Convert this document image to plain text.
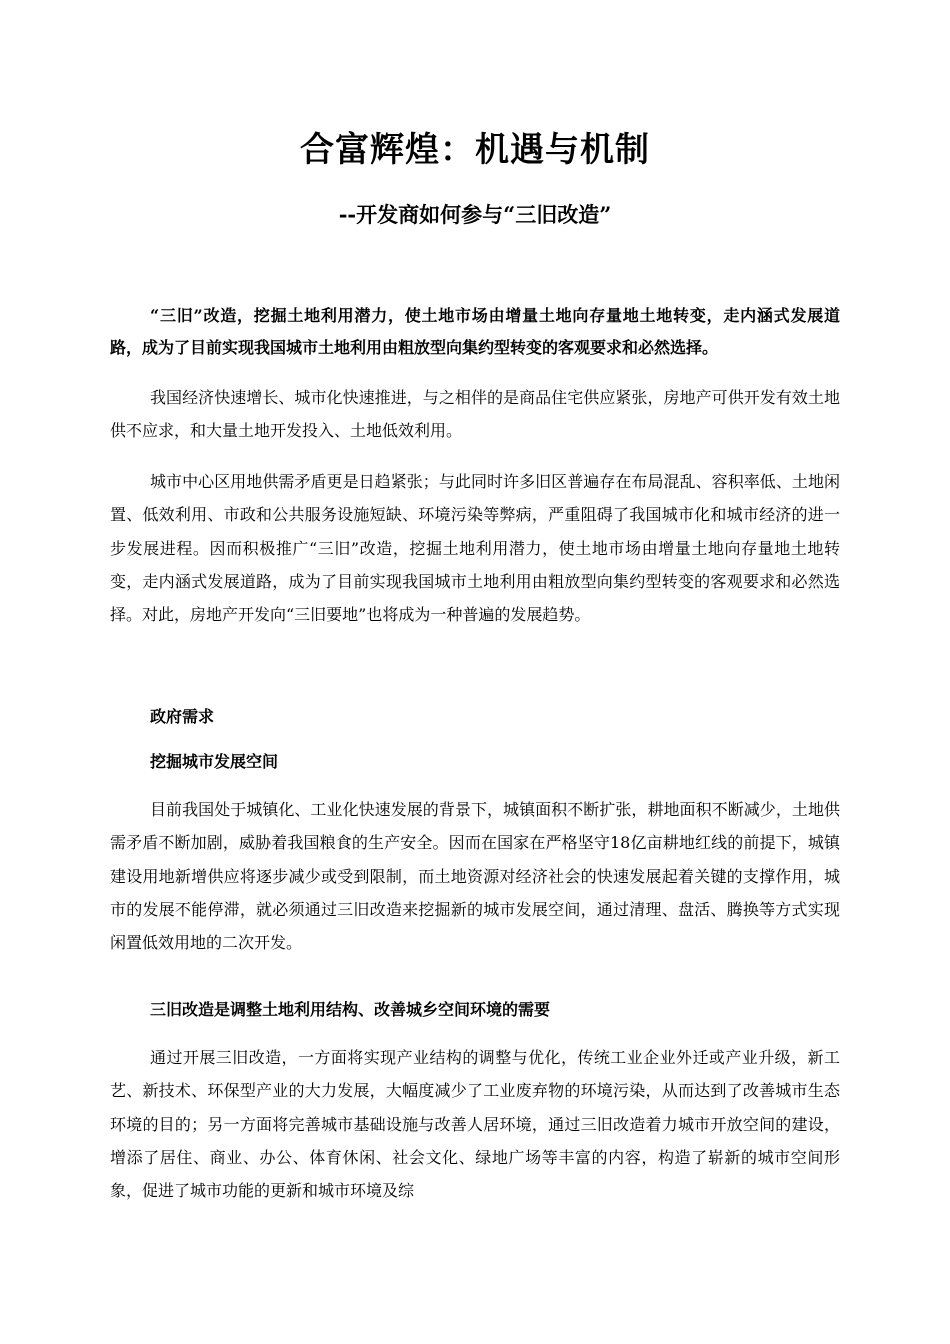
合富辉煌：机遇与机制
--开发商如何参与“三旧改造”

“三旧”改造，挖掘土地利用潜力，使土地市场由增量土地向存量地土地转变，走内涵式发展道路，成为了目前实现我国城市土地利用由粗放型向集约型转变的客观要求和必然选择。

我国经济快速增长、城市化快速推进，与之相伴的是商品住宅供应紧张，房地产可供开发有效土地供不应求，和大量土地开发投入、土地低效利用。

城市中心区用地供需矛盾更是日趋紧张；与此同时许多旧区普遍存在布局混乱、容积率低、土地闲置、低效利用、市政和公共服务设施短缺、环境污染等弊病，严重阻碍了我国城市化和城市经济的进一步发展进程。因而积极推广“三旧”改造，挖掘土地利用潜力，使土地市场由增量土地向存量地土地转变，走内涵式发展道路，成为了目前实现我国城市土地利用由粗放型向集约型转变的客观要求和必然选择。对此，房地产开发向“三旧要地”也将成为一种普遍的发展趋势。

政府需求
挖掘城市发展空间

目前我国处于城镇化、工业化快速发展的背景下，城镇面积不断扩张，耕地面积不断减少，土地供需矛盾不断加剧，威胁着我国粮食的生产安全。因而在国家在严格坚守18亿亩耕地红线的前提下，城镇建设用地新增供应将逐步减少或受到限制，而土地资源对经济社会的快速发展起着关键的支撑作用，城市的发展不能停滞，就必须通过三旧改造来挖掘新的城市发展空间，通过清理、盘活、腾换等方式实现闲置低效用地的二次开发。

三旧改造是调整土地利用结构、改善城乡空间环境的需要

通过开展三旧改造，一方面将实现产业结构的调整与优化，传统工业企业外迁或产业升级，新工艺、新技术、环保型产业的大力发展，大幅度减少了工业废弃物的环境污染，从而达到了改善城市生态环境的目的；另一方面将完善城市基础设施与改善人居环境，通过三旧改造着力城市开放空间的建设，增添了居住、商业、办公、体育休闲、社会文化、绿地广场等丰富的内容，构造了崭新的城市空间形象，促进了城市功能的更新和城市环境及综
